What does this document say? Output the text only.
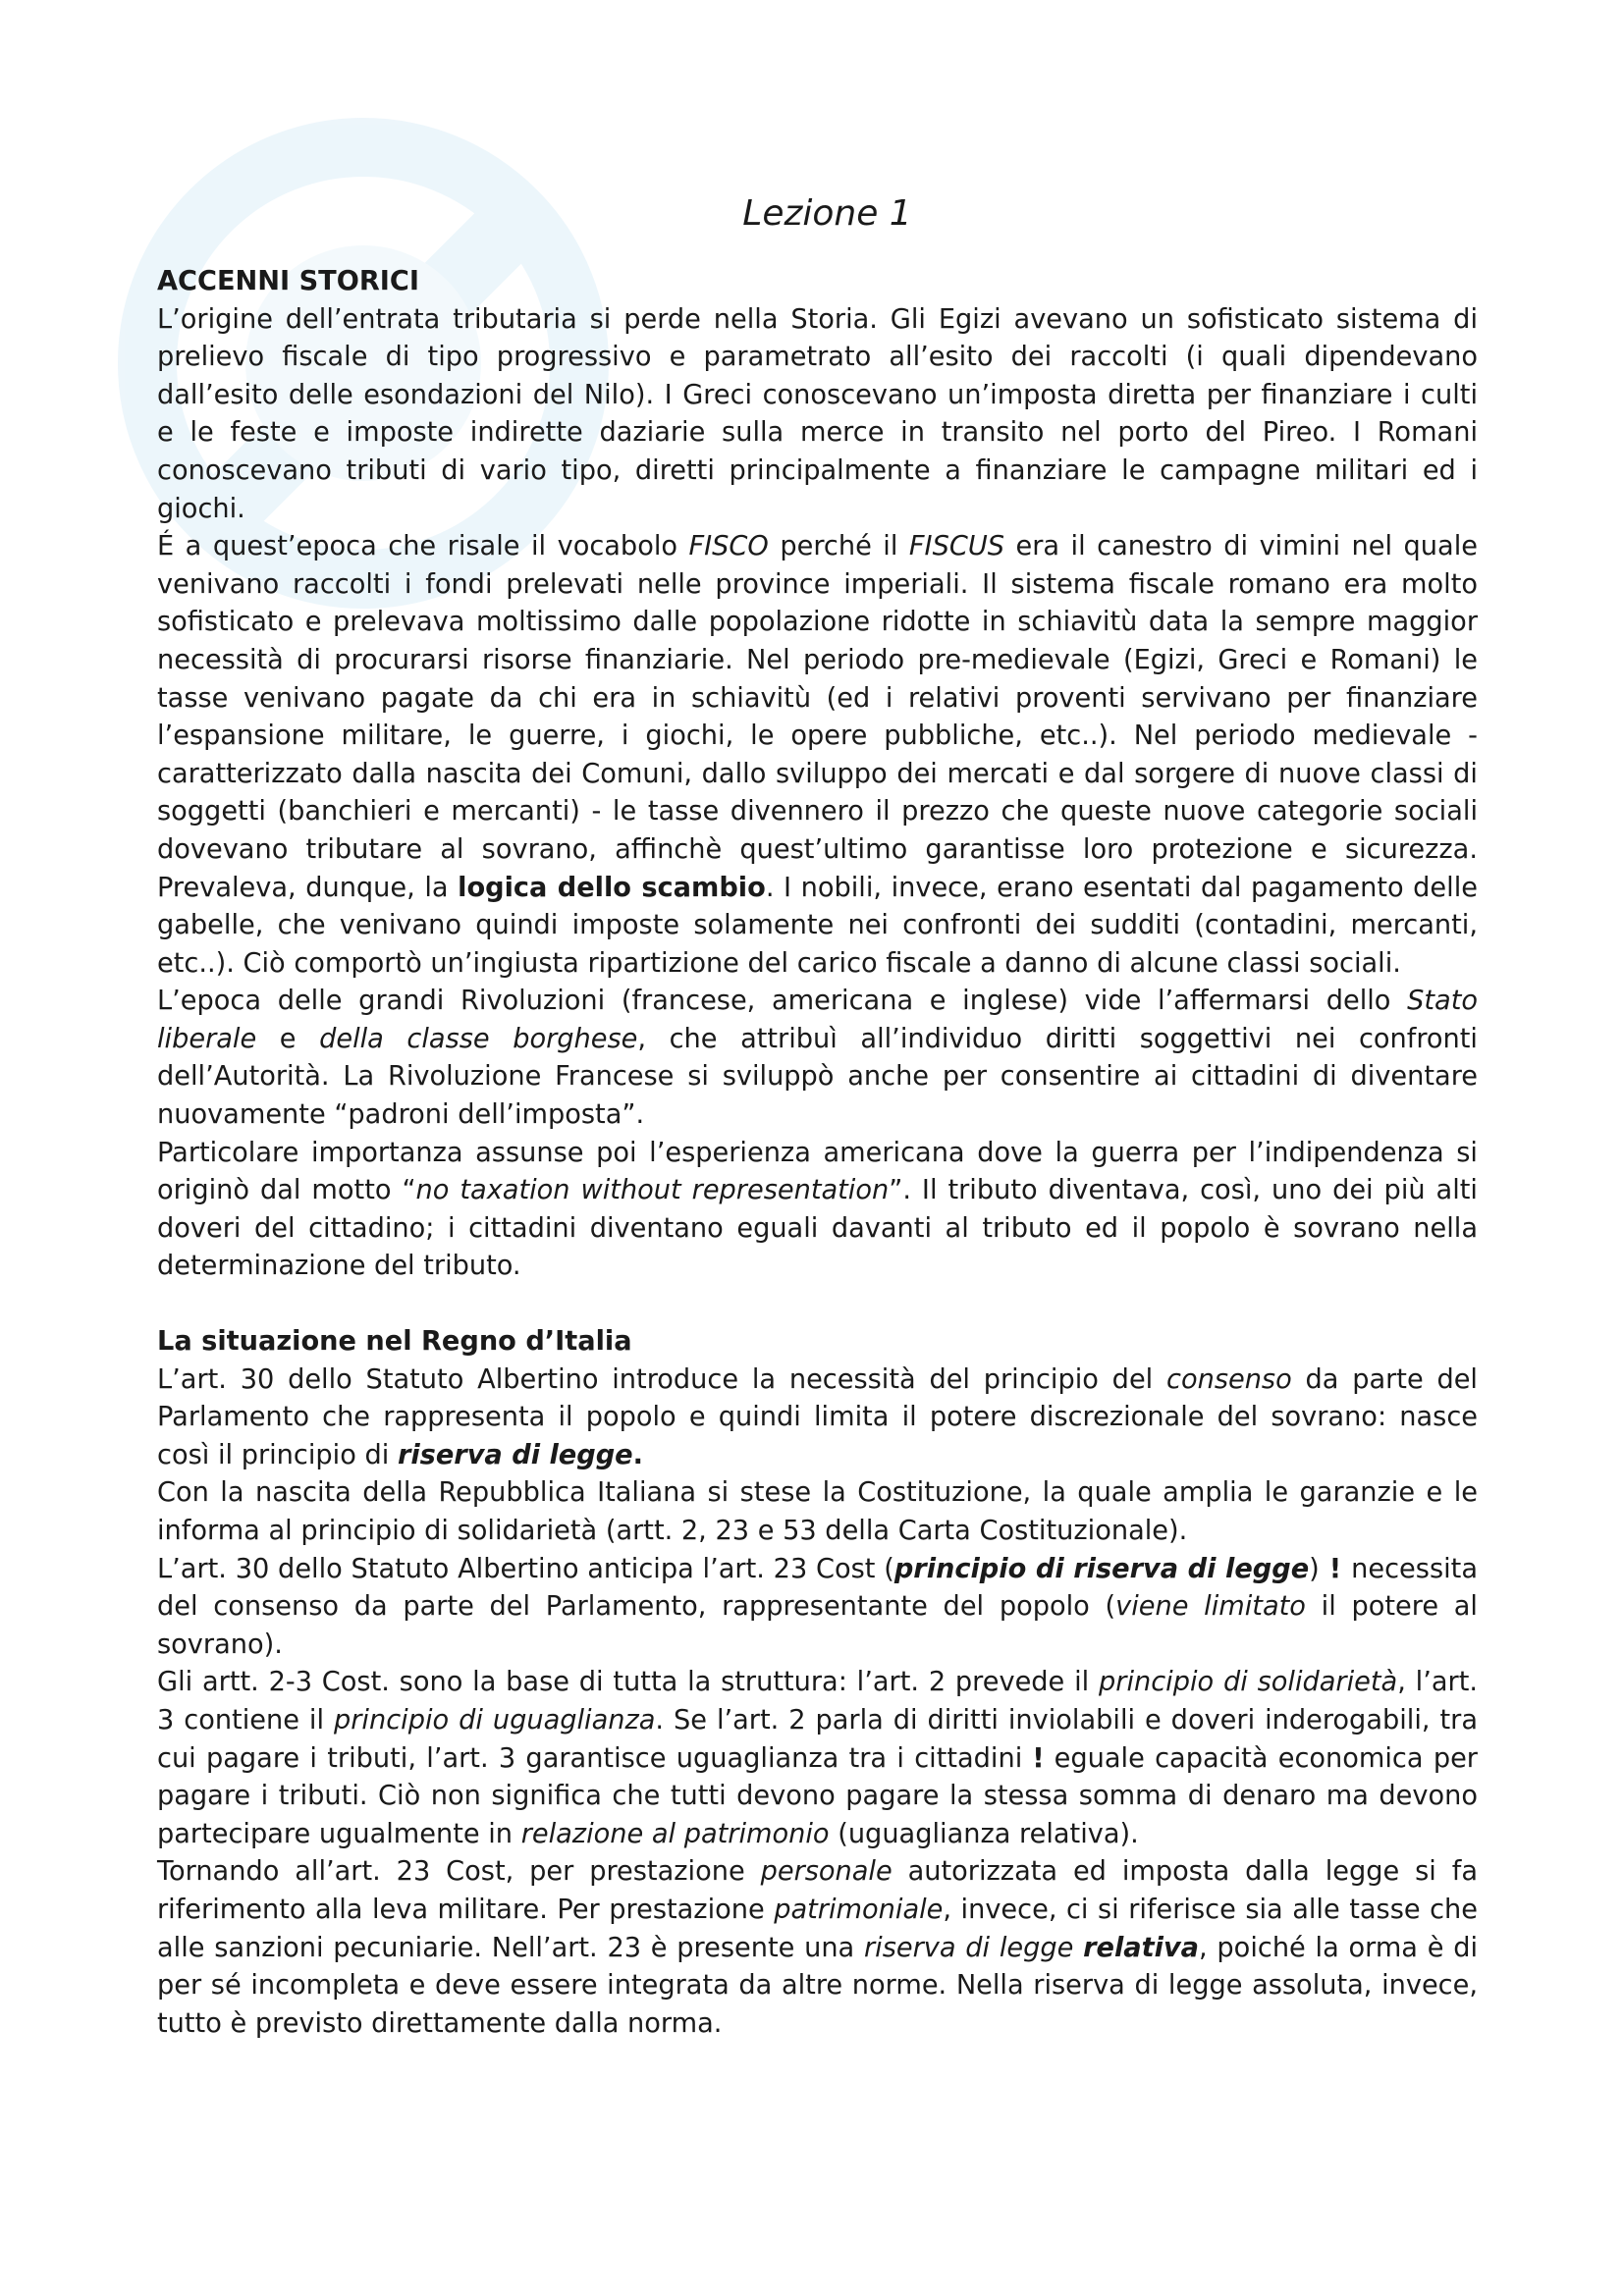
Lezione 1
ACCENNI STORICI

L’origine dell’entrata tributaria si perde nella Storia. Gli Egizi avevano un sofisticato sistema di prelievo fiscale di tipo progressivo e parametrato all’esito dei raccolti (i quali dipendevano dall’esito delle esondazioni del Nilo). I Greci conoscevano un’imposta diretta per finanziare i culti e le feste e imposte indirette daziarie sulla merce in transito nel porto del Pireo. I Romani conoscevano tributi di vario tipo, diretti principalmente a finanziare le campagne militari ed i giochi.

É a quest’epoca che risale il vocabolo FISCO perché il FISCUS era il canestro di vimini nel quale venivano raccolti i fondi prelevati nelle province imperiali. Il sistema fiscale romano era molto sofisticato e prelevava moltissimo dalle popolazione ridotte in schiavitù data la sempre maggior necessità di procurarsi risorse finanziarie. Nel periodo pre-medievale (Egizi, Greci e Romani) le tasse venivano pagate da chi era in schiavitù (ed i relativi proventi servivano per finanziare l’espansione militare, le guerre, i giochi, le opere pubbliche, etc..). Nel periodo medievale - caratterizzato dalla nascita dei Comuni, dallo sviluppo dei mercati e dal sorgere di nuove classi di soggetti (banchieri e mercanti) - le tasse divennero il prezzo che queste nuove categorie sociali dovevano tributare al sovrano, affinchè quest’ultimo garantisse loro protezione e sicurezza. Prevaleva, dunque, la logica dello scambio. I nobili, invece, erano esentati dal pagamento delle gabelle, che venivano quindi imposte solamente nei confronti dei sudditi (contadini, mercanti, etc..). Ciò comportò un’ingiusta ripartizione del carico fiscale a danno di alcune classi sociali.

L’epoca delle grandi Rivoluzioni (francese, americana e inglese) vide l’affermarsi dello Stato liberale e della classe borghese, che attribuì all’individuo diritti soggettivi nei confronti dell’Autorità. La Rivoluzione Francese si sviluppò anche per consentire ai cittadini di diventare nuovamente “padroni dell’imposta”.

Particolare importanza assunse poi l’esperienza americana dove la guerra per l’indipendenza si originò dal motto “no taxation without representation”. Il tributo diventava, così, uno dei più alti doveri del cittadino; i cittadini diventano eguali davanti al tributo ed il popolo è sovrano nella determinazione del tributo.

La situazione nel Regno d’Italia

L’art. 30 dello Statuto Albertino introduce la necessità del principio del consenso da parte del Parlamento che rappresenta il popolo e quindi limita il potere discrezionale del sovrano: nasce così il principio di riserva di legge.

Con la nascita della Repubblica Italiana si stese la Costituzione, la quale amplia le garanzie e le informa al principio di solidarietà (artt. 2, 23 e 53 della Carta Costituzionale).

L’art. 30 dello Statuto Albertino anticipa l’art. 23 Cost (principio di riserva di legge) ! necessita del consenso da parte del Parlamento, rappresentante del popolo (viene limitato il potere al sovrano).

Gli artt. 2-3 Cost. sono la base di tutta la struttura: l’art. 2 prevede il principio di solidarietà, l’art. 3 contiene il principio di uguaglianza. Se l’art. 2 parla di diritti inviolabili e doveri inderogabili, tra cui pagare i tributi, l’art. 3 garantisce uguaglianza tra i cittadini ! eguale capacità economica per pagare i tributi. Ciò non significa che tutti devono pagare la stessa somma di denaro ma devono partecipare ugualmente in relazione al patrimonio (uguaglianza relativa).

Tornando all’art. 23 Cost, per prestazione personale autorizzata ed imposta dalla legge si fa riferimento alla leva militare. Per prestazione patrimoniale, invece, ci si riferisce sia alle tasse che alle sanzioni pecuniarie. Nell’art. 23 è presente una riserva di legge relativa, poiché la orma è di per sé incompleta e deve essere integrata da altre norme. Nella riserva di legge assoluta, invece, tutto è previsto direttamente dalla norma.
